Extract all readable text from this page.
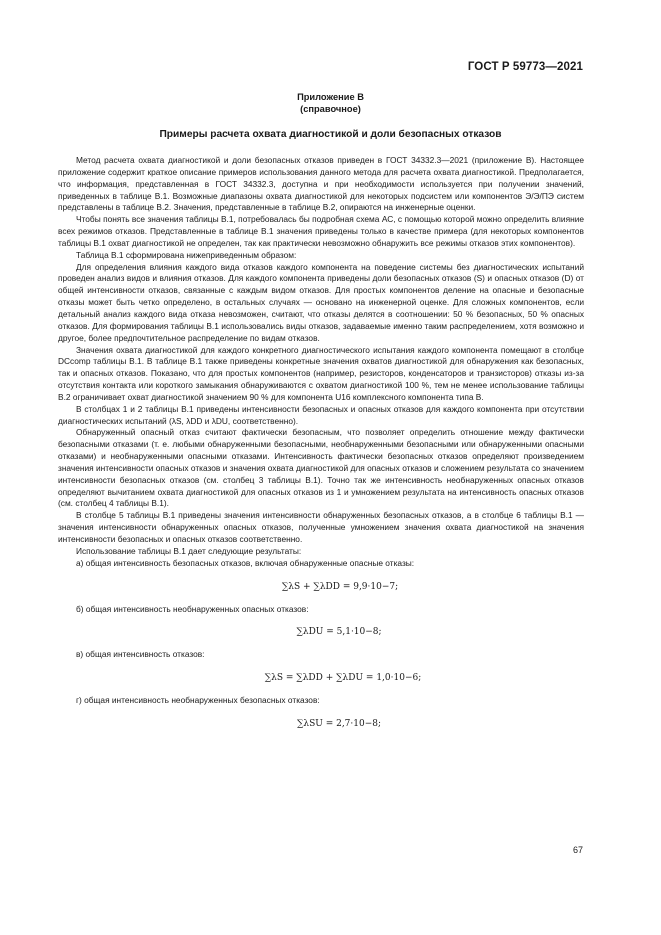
ГОСТ Р 59773—2021
Приложение В
(справочное)
Примеры расчета охвата диагностикой и доли безопасных отказов

Метод расчета охвата диагностикой и доли безопасных отказов приведен в ГОСТ 34332.3—2021 (приложение В). Настоящее приложение содержит краткое описание примеров использования данного метода для расчета охвата диагностикой. Предполагается, что информация, представленная в ГОСТ 34332.3, доступна и при необходимости используется при получении значений, приведенных в таблице В.1. Возможные диапазоны охвата диагностикой для некоторых подсистем или компонентов Э/Э/ПЭ систем представлены в таблице В.2. Значения, представленные в таблице В.2, опираются на инженерные оценки.

Чтобы понять все значения таблицы В.1, потребовалась бы подробная схема АС, с помощью которой можно определить влияние всех режимов отказов. Представленные в таблице В.1 значения приведены только в качестве примера (для некоторых компонентов таблицы В.1 охват диагностикой не определен, так как практически невозможно обнаружить все режимы отказов этих компонентов).

Таблица В.1 сформирована нижеприведенным образом:

Для определения влияния каждого вида отказов каждого компонента на поведение системы без диагностических испытаний проведен анализ видов и влияния отказов. Для каждого компонента приведены доли безопасных отказов (S) и опасных отказов (D) от общей интенсивности отказов, связанные с каждым видом отказов. Для простых компонентов деление на опасные и безопасные отказы может быть четко определено, в остальных случаях — основано на инженерной оценке. Для сложных компонентов, если детальный анализ каждого вида отказа невозможен, считают, что отказы делятся в соотношении: 50 % безопасных, 50 % опасных отказов. Для формирования таблицы В.1 использовались виды отказов, задаваемые именно таким распределением, хотя возможно и другое, более предпочтительное распределение по видам отказов.

Значения охвата диагностикой для каждого конкретного диагностического испытания каждого компонента помещают в столбце DCcomp таблицы В.1. В таблице В.1 также приведены конкретные значения охватов диагностикой для обнаружения как безопасных, так и опасных отказов. Показано, что для простых компонентов (например, резисторов, конденсаторов и транзисторов) отказы из-за отсутствия контакта или короткого замыкания обнаруживаются с охватом диагностикой 100 %, тем не менее использование таблицы В.2 ограничивает охват диагностикой значением 90 % для компонента U16 комплексного компонента типа В.

В столбцах 1 и 2 таблицы В.1 приведены интенсивности безопасных и опасных отказов для каждого компонента при отсутствии диагностических испытаний (λS, λDD и λDU, соответственно).

Обнаруженный опасный отказ считают фактически безопасным, что позволяет определить отношение между фактически безопасными отказами (т. е. любыми обнаруженными безопасными, необнаруженными безопасными или обнаруженными опасными отказами) и необнаруженными опасными отказами. Интенсивность фактически безопасных отказов определяют произведением значения интенсивности опасных отказов и значения охвата диагностикой для опасных отказов и сложением результата со значением интенсивности безопасных отказов (см. столбец 3 таблицы В.1). Точно так же интенсивность необнаруженных опасных отказов определяют вычитанием охвата диагностикой для опасных отказов из 1 и умножением результата на интенсивность опасных отказов (см. столбец 4 таблицы В.1).

В столбце 5 таблицы В.1 приведены значения интенсивности обнаруженных безопасных отказов, а в столбце 6 таблицы В.1 — значения интенсивности обнаруженных опасных отказов, полученные умножением значения охвата диагностикой на значения интенсивности безопасных и опасных отказов соответственно.

Использование таблицы В.1 дает следующие результаты:

а) общая интенсивность безопасных отказов, включая обнаруженные опасные отказы:

∑λS + ∑λDD = 9,9·10−7;

б) общая интенсивность необнаруженных опасных отказов:

∑λDU = 5,1·10−8;

в) общая интенсивность отказов:

∑λS = ∑λDD + ∑λDU = 1,0·10−6;

г) общая интенсивность необнаруженных безопасных отказов:

∑λSU = 2,7·10−8;

67
